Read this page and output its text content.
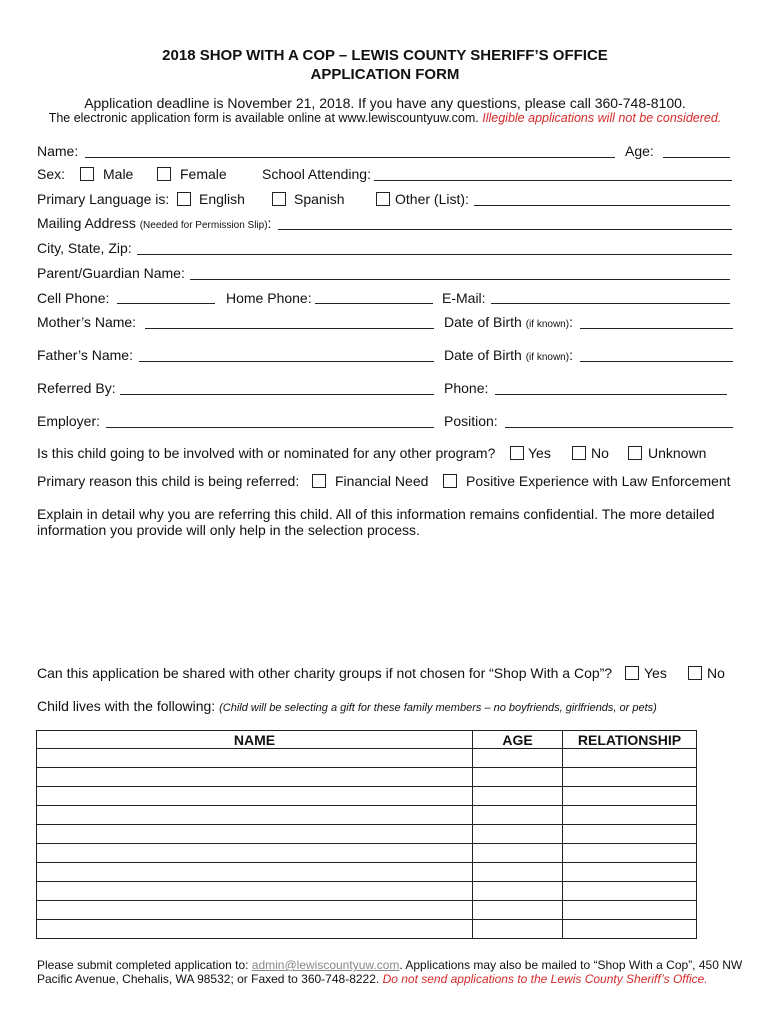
2018 SHOP WITH A COP – LEWIS COUNTY SHERIFF’S OFFICE
APPLICATION FORM
Application deadline is November 21, 2018. If you have any questions, please call 360-748-8100.
The electronic application form is available online at www.lewiscountyuw.com. Illegible applications will not be considered.
Name:	Age:
Sex:	Male	Female	School Attending:
Primary Language is: English	Spanish	Other (List):
Mailing Address (Needed for Permission Slip):
City, State, Zip:
Parent/Guardian Name:
Cell Phone:	Home Phone:	E-Mail:
Mother’s Name:	Date of Birth (if known):
Father’s Name:	Date of Birth (if known):
Referred By:	Phone:
Employer:	Position:
Is this child going to be involved with or nominated for any other program? Yes	No	Unknown
Primary reason this child is being referred:	Financial Need	Positive Experience with Law Enforcement
Explain in detail why you are referring this child. All of this information remains confidential. The more detailed
information you provide will only help in the selection process.
Can this application be shared with other charity groups if not chosen for “Shop With a Cop”? Yes	No
Child lives with the following: (Child will be selecting a gift for these family members – no boyfriends, girlfriends, or pets)
NAME	AGE	RELATIONSHIP

Please submit completed application to: admin@lewiscountyuw.com. Applications may also be mailed to “Shop With a Cop”, 450 NW
Pacific Avenue, Chehalis, WA 98532; or Faxed to 360-748-8222. Do not send applications to the Lewis County Sheriff’s Office.
